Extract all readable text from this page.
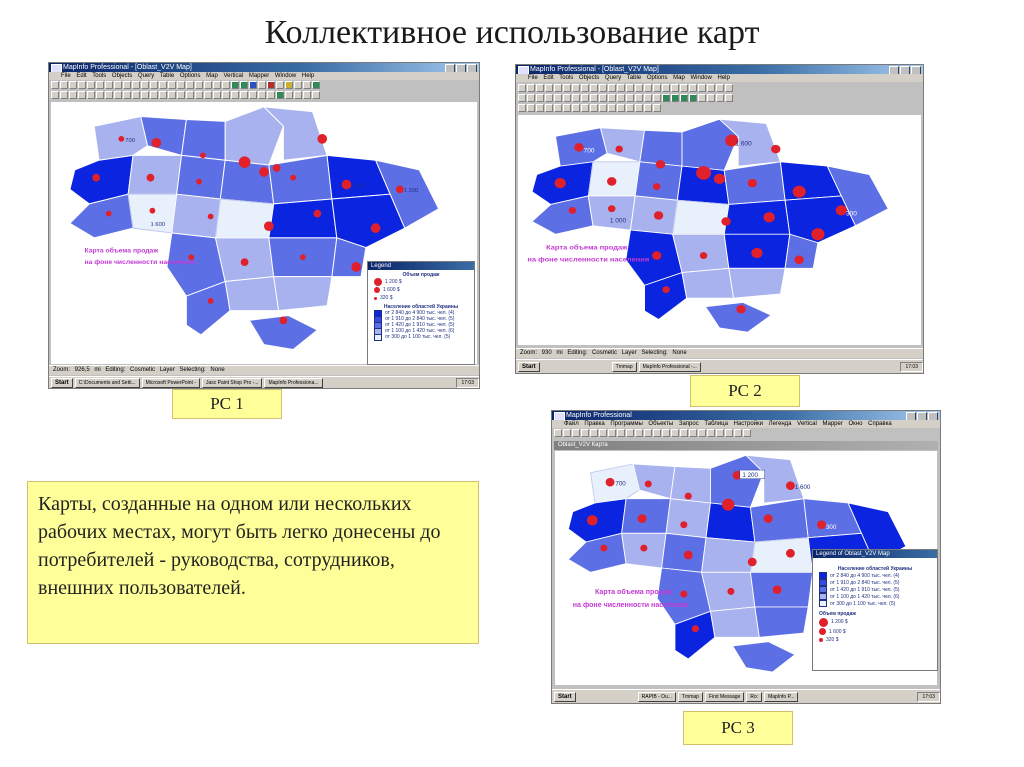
Коллективное использование карт
MapInfo Professional - [Oblast_V2V Map]
File Edit Tools Objects Query Table Options Map Vertical Mapper Window Help
700
1 600
1 200
1 600
Карта объема продаж
на фоне численности населения	Legend
Объем продаж
1 200 $
1 600 $
320 $
Население областей Украины
от 2 840 до 4 900 тыс. чел. (4)
от 1 910 до 2 840 тыс. чел. (5)
от 1 420 до 1 910 тыс. чел. (5)
от 1 100 до 1 420 тыс. чел. (6)
от 300 до 1 100 тыс. чел. (5)
Zoom: 926,5 mi Editing: Cosmetic Layer Selecting: None
Start	C:\Documents and Setti...	Microsoft PowerPoint -	Jasc Paint Shop Pro -...	MapInfo Professiona...	17:03
PC 1
MapInfo Professional - [Oblast_V2V Map]
File Edit Tools Objects Query Table Options Map Window Help
700
1 600
300
1 000
Карта объема продаж
на фоне численности населения
Zoom: 930 mi Editing: Cosmetic Layer Selecting: None
Start	Tmmap	MapInfo Professional -...	17:03
PC 2
MapInfo Professional
Файл Правка Программы Объекты Запрос Таблица Настройки Легенда Vertical Mapper Окно Справка
Oblast_V2V Карта
700
1 200
1 600
300
Карта объема продаж
на фоне численности населения
Legend of Oblast_V2V Map
Население областей Украины
от 2 840 до 4 900 тыс. чел. (4)
от 1 910 до 2 840 тыс. чел. (5)
от 1 420 до 1 910 тыс. чел. (5)
от 1 100 до 1 420 тыс. чел. (6)
от 300 до 1 100 тыс. чел. (5)
Объем продаж
1 200 $
1 600 $
320 $
Start	RAPIB - Ou...	Tmmap	First Message	Ro:	MapInfo P...	17:03
PC 3
Карты, созданные на одном или нескольких рабочих местах, могут быть легко донесены до потребителей - руководства, сотрудников, внешних пользователей.
